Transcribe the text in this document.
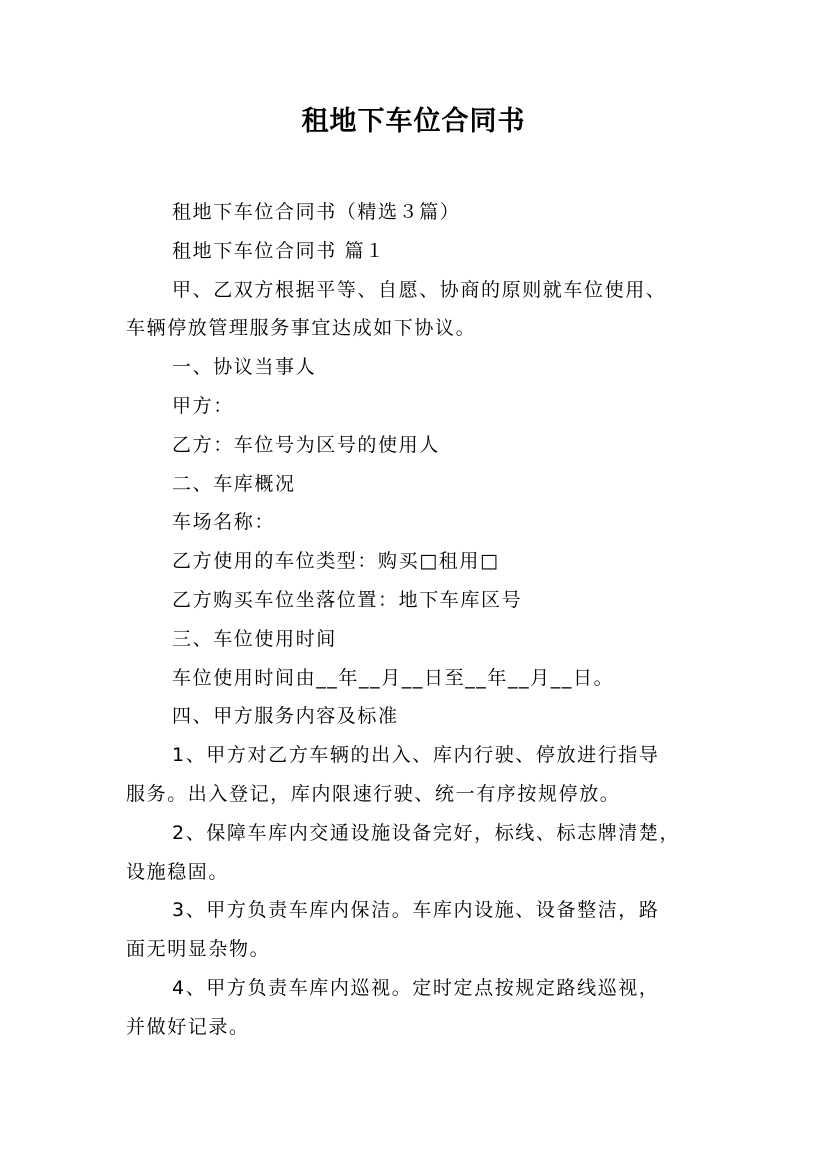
租地下车位合同书
租地下车位合同书（精选３篇）
租地下车位合同书 篇１
甲、乙双方根据平等、自愿、协商的原则就车位使用、
车辆停放管理服务事宜达成如下协议。
一、协议当事人
甲方：
乙方：车位号为区号的使用人
二、车库概况
车场名称：
乙方使用的车位类型：购买□租用□
乙方购买车位坐落位置：地下车库区号
三、车位使用时间
车位使用时间由__年__月__日至__年__月__日。
四、甲方服务内容及标准
1、甲方对乙方车辆的出入、库内行驶、停放进行指导
服务。出入登记，库内限速行驶、统一有序按规停放。
2、保障车库内交通设施设备完好，标线、标志牌清楚，
设施稳固。
3、甲方负责车库内保洁。车库内设施、设备整洁，路
面无明显杂物。
4、甲方负责车库内巡视。定时定点按规定路线巡视，
并做好记录。
